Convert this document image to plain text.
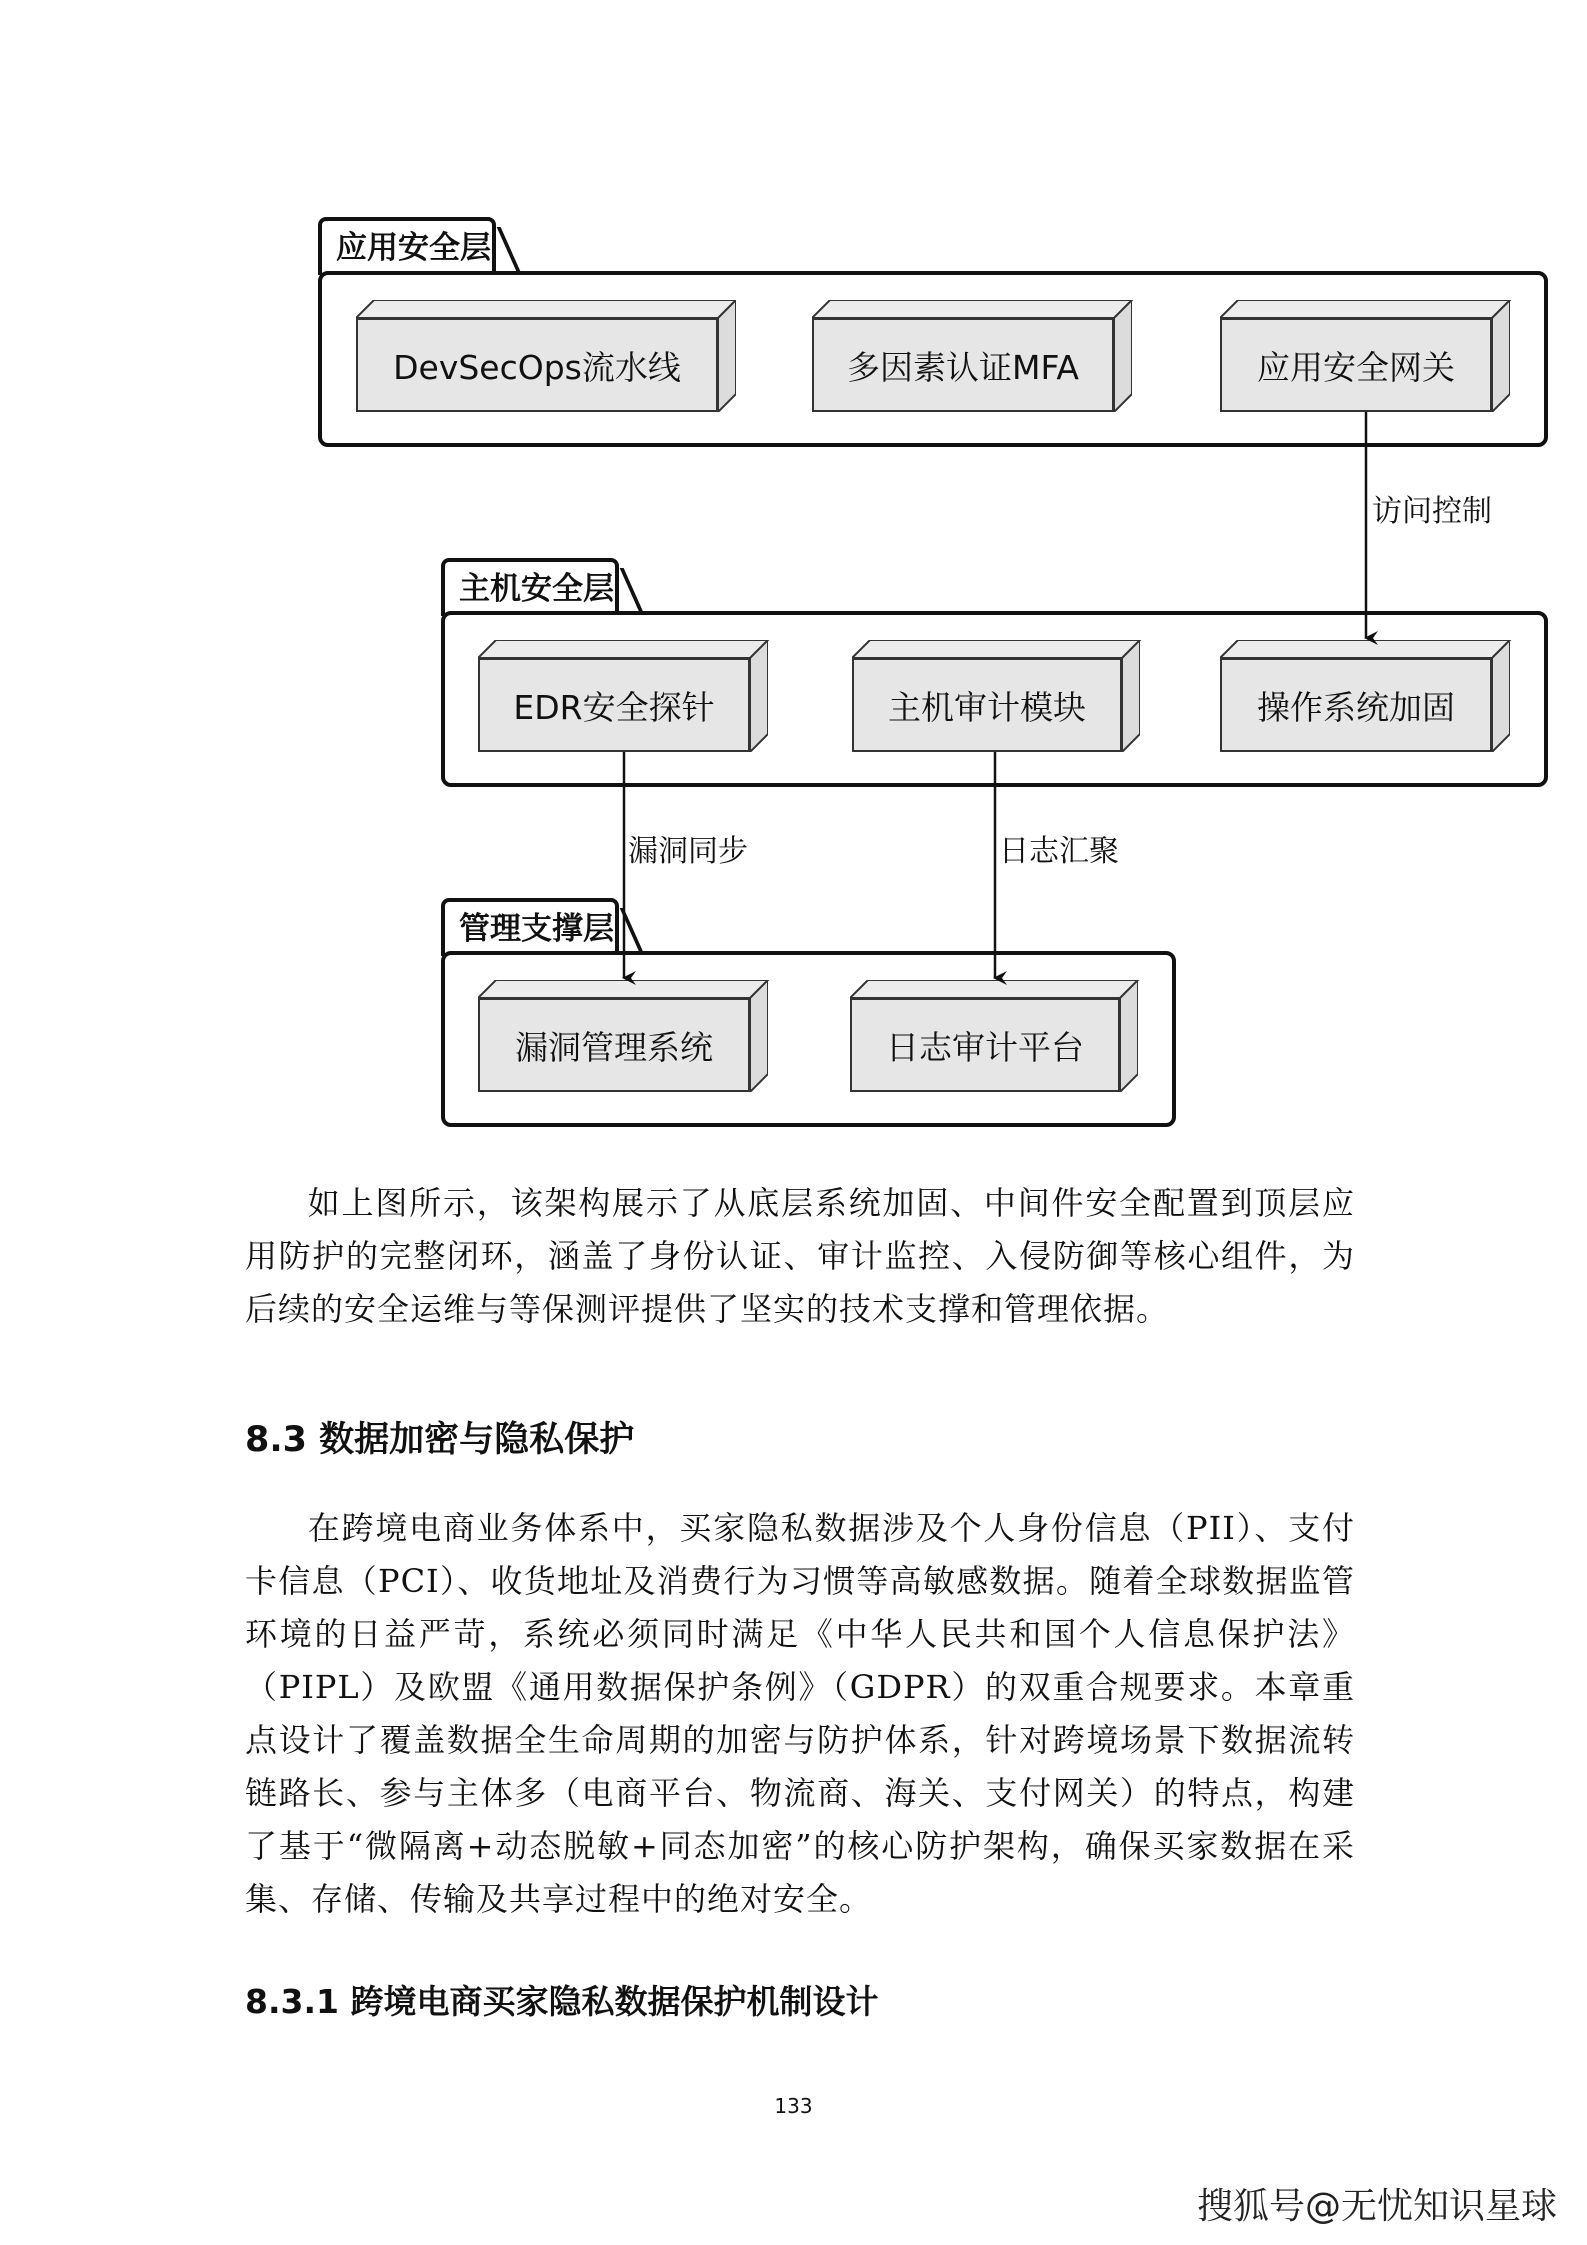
应用安全层
DevSecOps流水线	多因素认证MFA	应用安全网关
主机安全层
EDR安全探针	主机审计模块	操作系统加固
管理支撑层
漏洞管理系统	日志审计平台
访问控制
漏洞同步	日志汇聚

如上图所示，该架构展示了从底层系统加固、中间件安全配置到顶层应用防护的完整闭环，涵盖了身份认证、审计监控、入侵防御等核心组件，为后续的安全运维与等保测评提供了坚实的技术支撑和管理依据。

8.3 数据加密与隐私保护

在跨境电商业务体系中，买家隐私数据涉及个人身份信息（PII）、支付卡信息（PCI）、收货地址及消费行为习惯等高敏感数据。随着全球数据监管环境的日益严苛，系统必须同时满足《中华人民共和国个人信息保护法》（PIPL）及欧盟《通用数据保护条例》（GDPR）的双重合规要求。本章重点设计了覆盖数据全生命周期的加密与防护体系，针对跨境场景下数据流转链路长、参与主体多（电商平台、物流商、海关、支付网关）的特点，构建了基于“微隔离+动态脱敏+同态加密”的核心防护架构，确保买家数据在采集、存储、传输及共享过程中的绝对安全。

8.3.1 跨境电商买家隐私数据保护机制设计
133
搜狐号@无忧知识星球
